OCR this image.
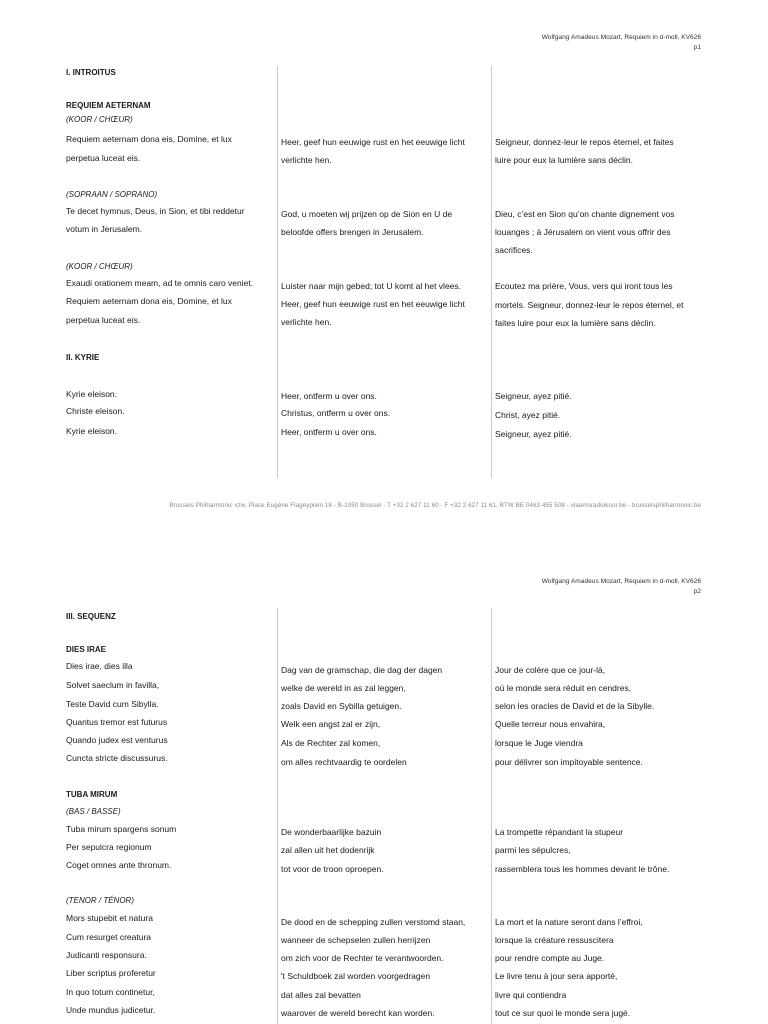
Wolfgang Amadeus Mozart, Requiem in d-moll, KV626
p1
I. INTROITUS
REQUIEM AETERNAM
(KOOR / CHŒUR)
Requiem aeternam dona eis, Domine, et lux
perpetua luceat eis.
Heer, geef hun eeuwige rust en het eeuwige licht
verlichte hen.
Seigneur, donnez-leur le repos éternel, et faites
luire pour eux la lumière sans déclin.
(SOPRAAN / SOPRANO)
Te decet hymnus, Deus, in Sion, et tibi reddetur
votum in Jerusalem.
God, u moeten wij prijzen op de Sion en U de
beloofde offers brengen in Jerusalem.
Dieu, c’est en Sion qu’on chante dignement vos
louanges ; à Jérusalem on vient vous offrir des
sacrifices.
(KOOR / CHŒUR)
Exaudi orationem meam, ad te omnis caro veniet.
Requiem aeternam dona eis, Domine, et lux
perpetua luceat eis.
Luister naar mijn gebed; tot U komt al het vlees.
Heer, geef hun eeuwige rust en het eeuwige licht
verlichte hen.
Ecoutez ma prière, Vous, vers qui iront tous les
mortels. Seigneur, donnez-leur le repos éternel, et
faites luire pour eux la lumière sans déclin.
II. KYRIE
Kyrie eleison.
Christe eleison.
Kyrie eleison.
Heer, ontferm u over ons.
Christus, ontferm u over ons.
Heer, ontferm u over ons.
Seigneur, ayez pitié.
Christ, ayez pitié.
Seigneur, ayez pitié.
Brussels Philharmonic vzw, Place Eugène Flageyplein 18 - B-1050 Brussel - T +32 2 627 11 60 - F +32 2 627 11 61, BTW BE 0463 455 508 - vlaamsradiokoor.be - brusselsphilharmonic.be
Wolfgang Amadeus Mozart, Requiem in d-moll, KV626
p2
III. SEQUENZ
DIES IRAE
Dies irae, dies illa
Solvet saeclum in favilla,
Teste David cum Sibylla.
Quantus tremor est futurus
Quando judex est venturus
Cuncta stricte discussurus.
Dag van de gramschap, die dag der dagen
welke de wereld in as zal leggen,
zoals David en Sybilla getuigen.
Welk een angst zal er zijn,
Als de Rechter zal komen,
om alles rechtvaardig te oordelen
Jour de colère que ce jour-là,
où le monde sera réduit en cendres,
selon les oracles de David et de la Sibylle.
Quelle terreur nous envahira,
lorsque le Juge viendra
pour délivrer son impitoyable sentence.
TUBA MIRUM
(BAS / BASSE)
Tuba mirum spargens sonum
Per sepulcra regionum
Coget omnes ante thronum.
De wonderbaarlijke bazuin
zal allen uit het dodenrijk
tot voor de troon oproepen.
La trompette répandant la stupeur
parmi les sépulcres,
rassemblera tous les hommes devant le trône.
(TENOR / TÉNOR)
Mors stupebit et natura
Cum resurget creatura
Judicanti responsura.
Liber scriptus proferetur
In quo totum continetur,
Unde mundus judicetur.
De dood en de schepping zullen verstomd staan,
wanneer de schepselen zullen herrijzen
om zich voor de Rechter te verantwoorden.
't Schuldboek zal worden voorgedragen
dat alles zal bevatten
waarover de wereld berecht kan worden.
La mort et la nature seront dans l’effroi,
lorsque la créature ressuscitera
pour rendre compte au Juge.
Le livre tenu à jour sera apporté,
livre qui contiendra
tout ce sur quoi le monde sera jugé.
